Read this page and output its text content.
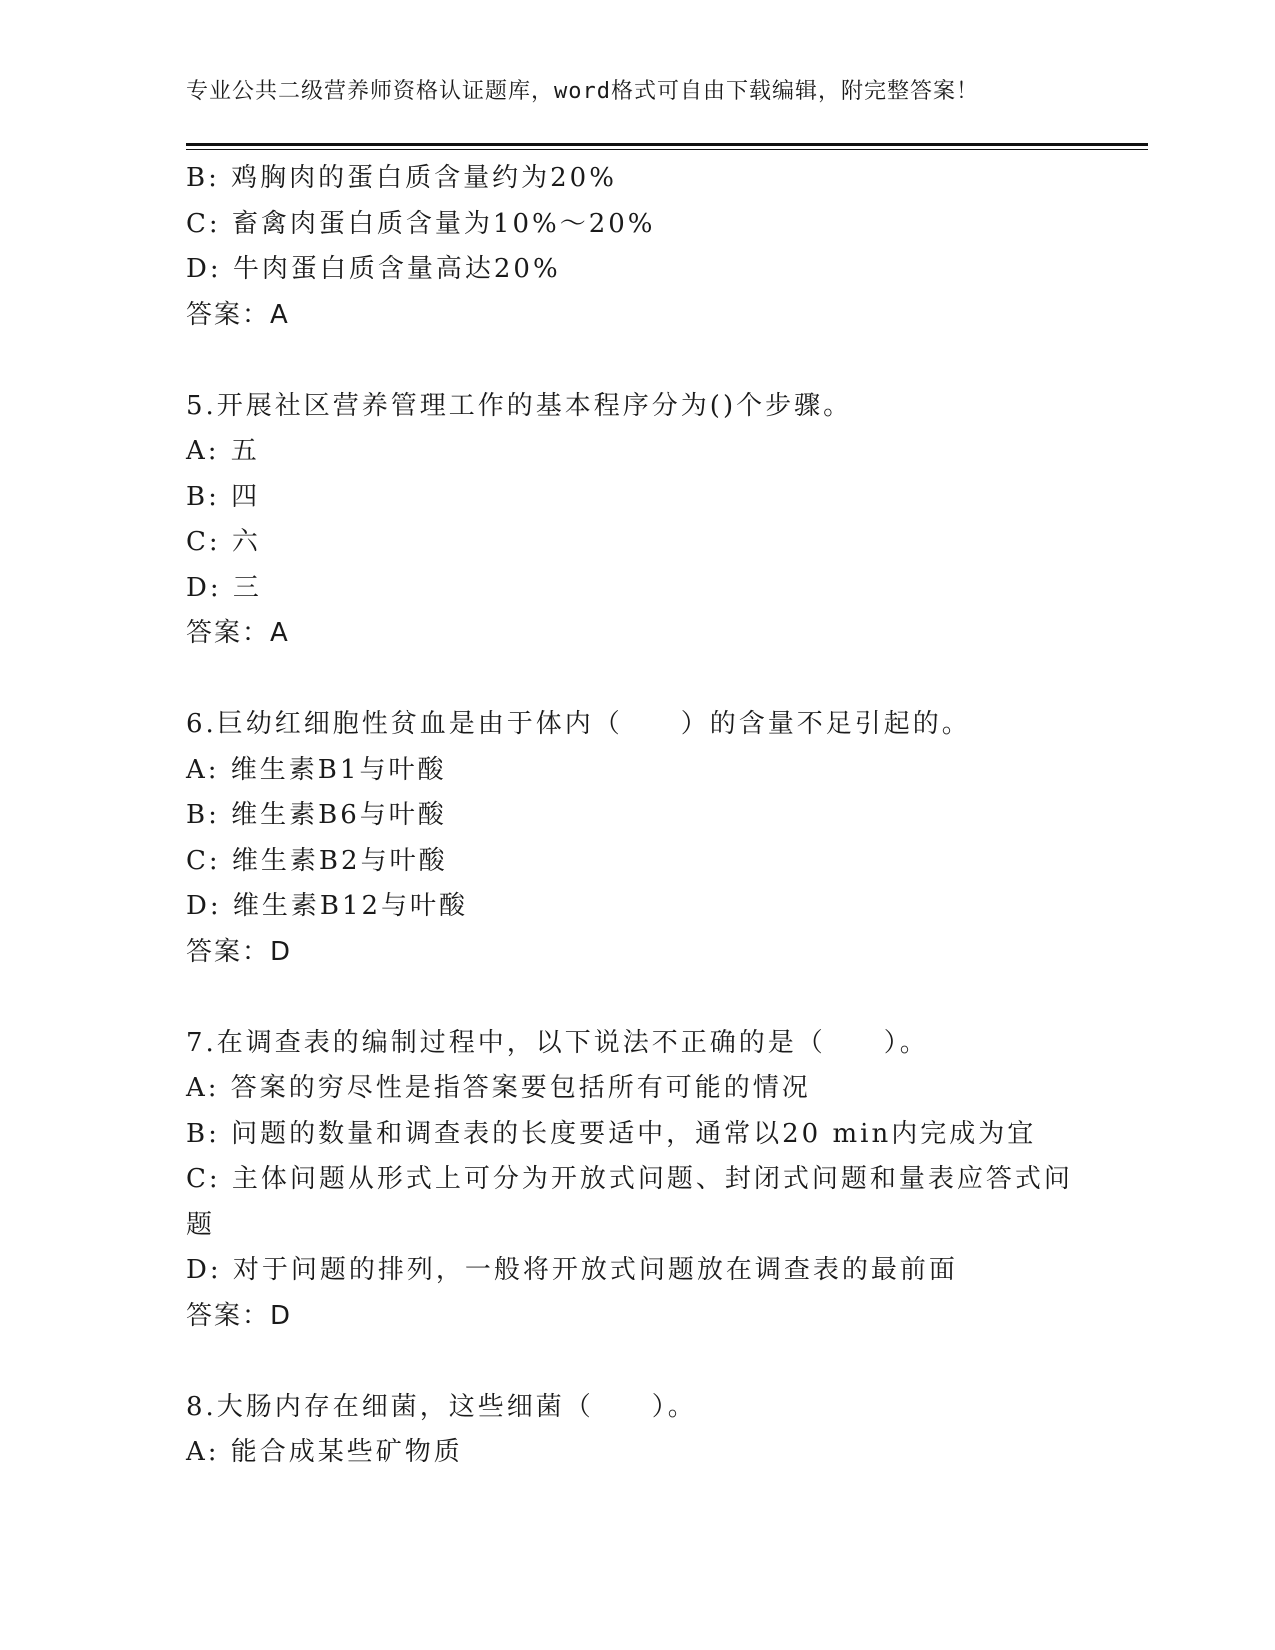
专业公共二级营养师资格认证题库，word格式可自由下载编辑，附完整答案！
B: 鸡胸肉的蛋白质含量约为20%
C: 畜禽肉蛋白质含量为10%～20%
D: 牛肉蛋白质含量高达20%
答案：A
5.开展社区营养管理工作的基本程序分为()个步骤。
A: 五
B: 四
C: 六
D: 三
答案：A
6.巨幼红细胞性贫血是由于体内（　　）的含量不足引起的。
A: 维生素B1与叶酸
B: 维生素B6与叶酸
C: 维生素B2与叶酸
D: 维生素B12与叶酸
答案：D
7.在调查表的编制过程中，以下说法不正确的是（　　）。
A: 答案的穷尽性是指答案要包括所有可能的情况
B: 问题的数量和调查表的长度要适中，通常以20 min内完成为宜
C: 主体问题从形式上可分为开放式问题、封闭式问题和量表应答式问题
D: 对于问题的排列，一般将开放式问题放在调查表的最前面
答案：D
8.大肠内存在细菌，这些细菌（　　）。
A: 能合成某些矿物质
